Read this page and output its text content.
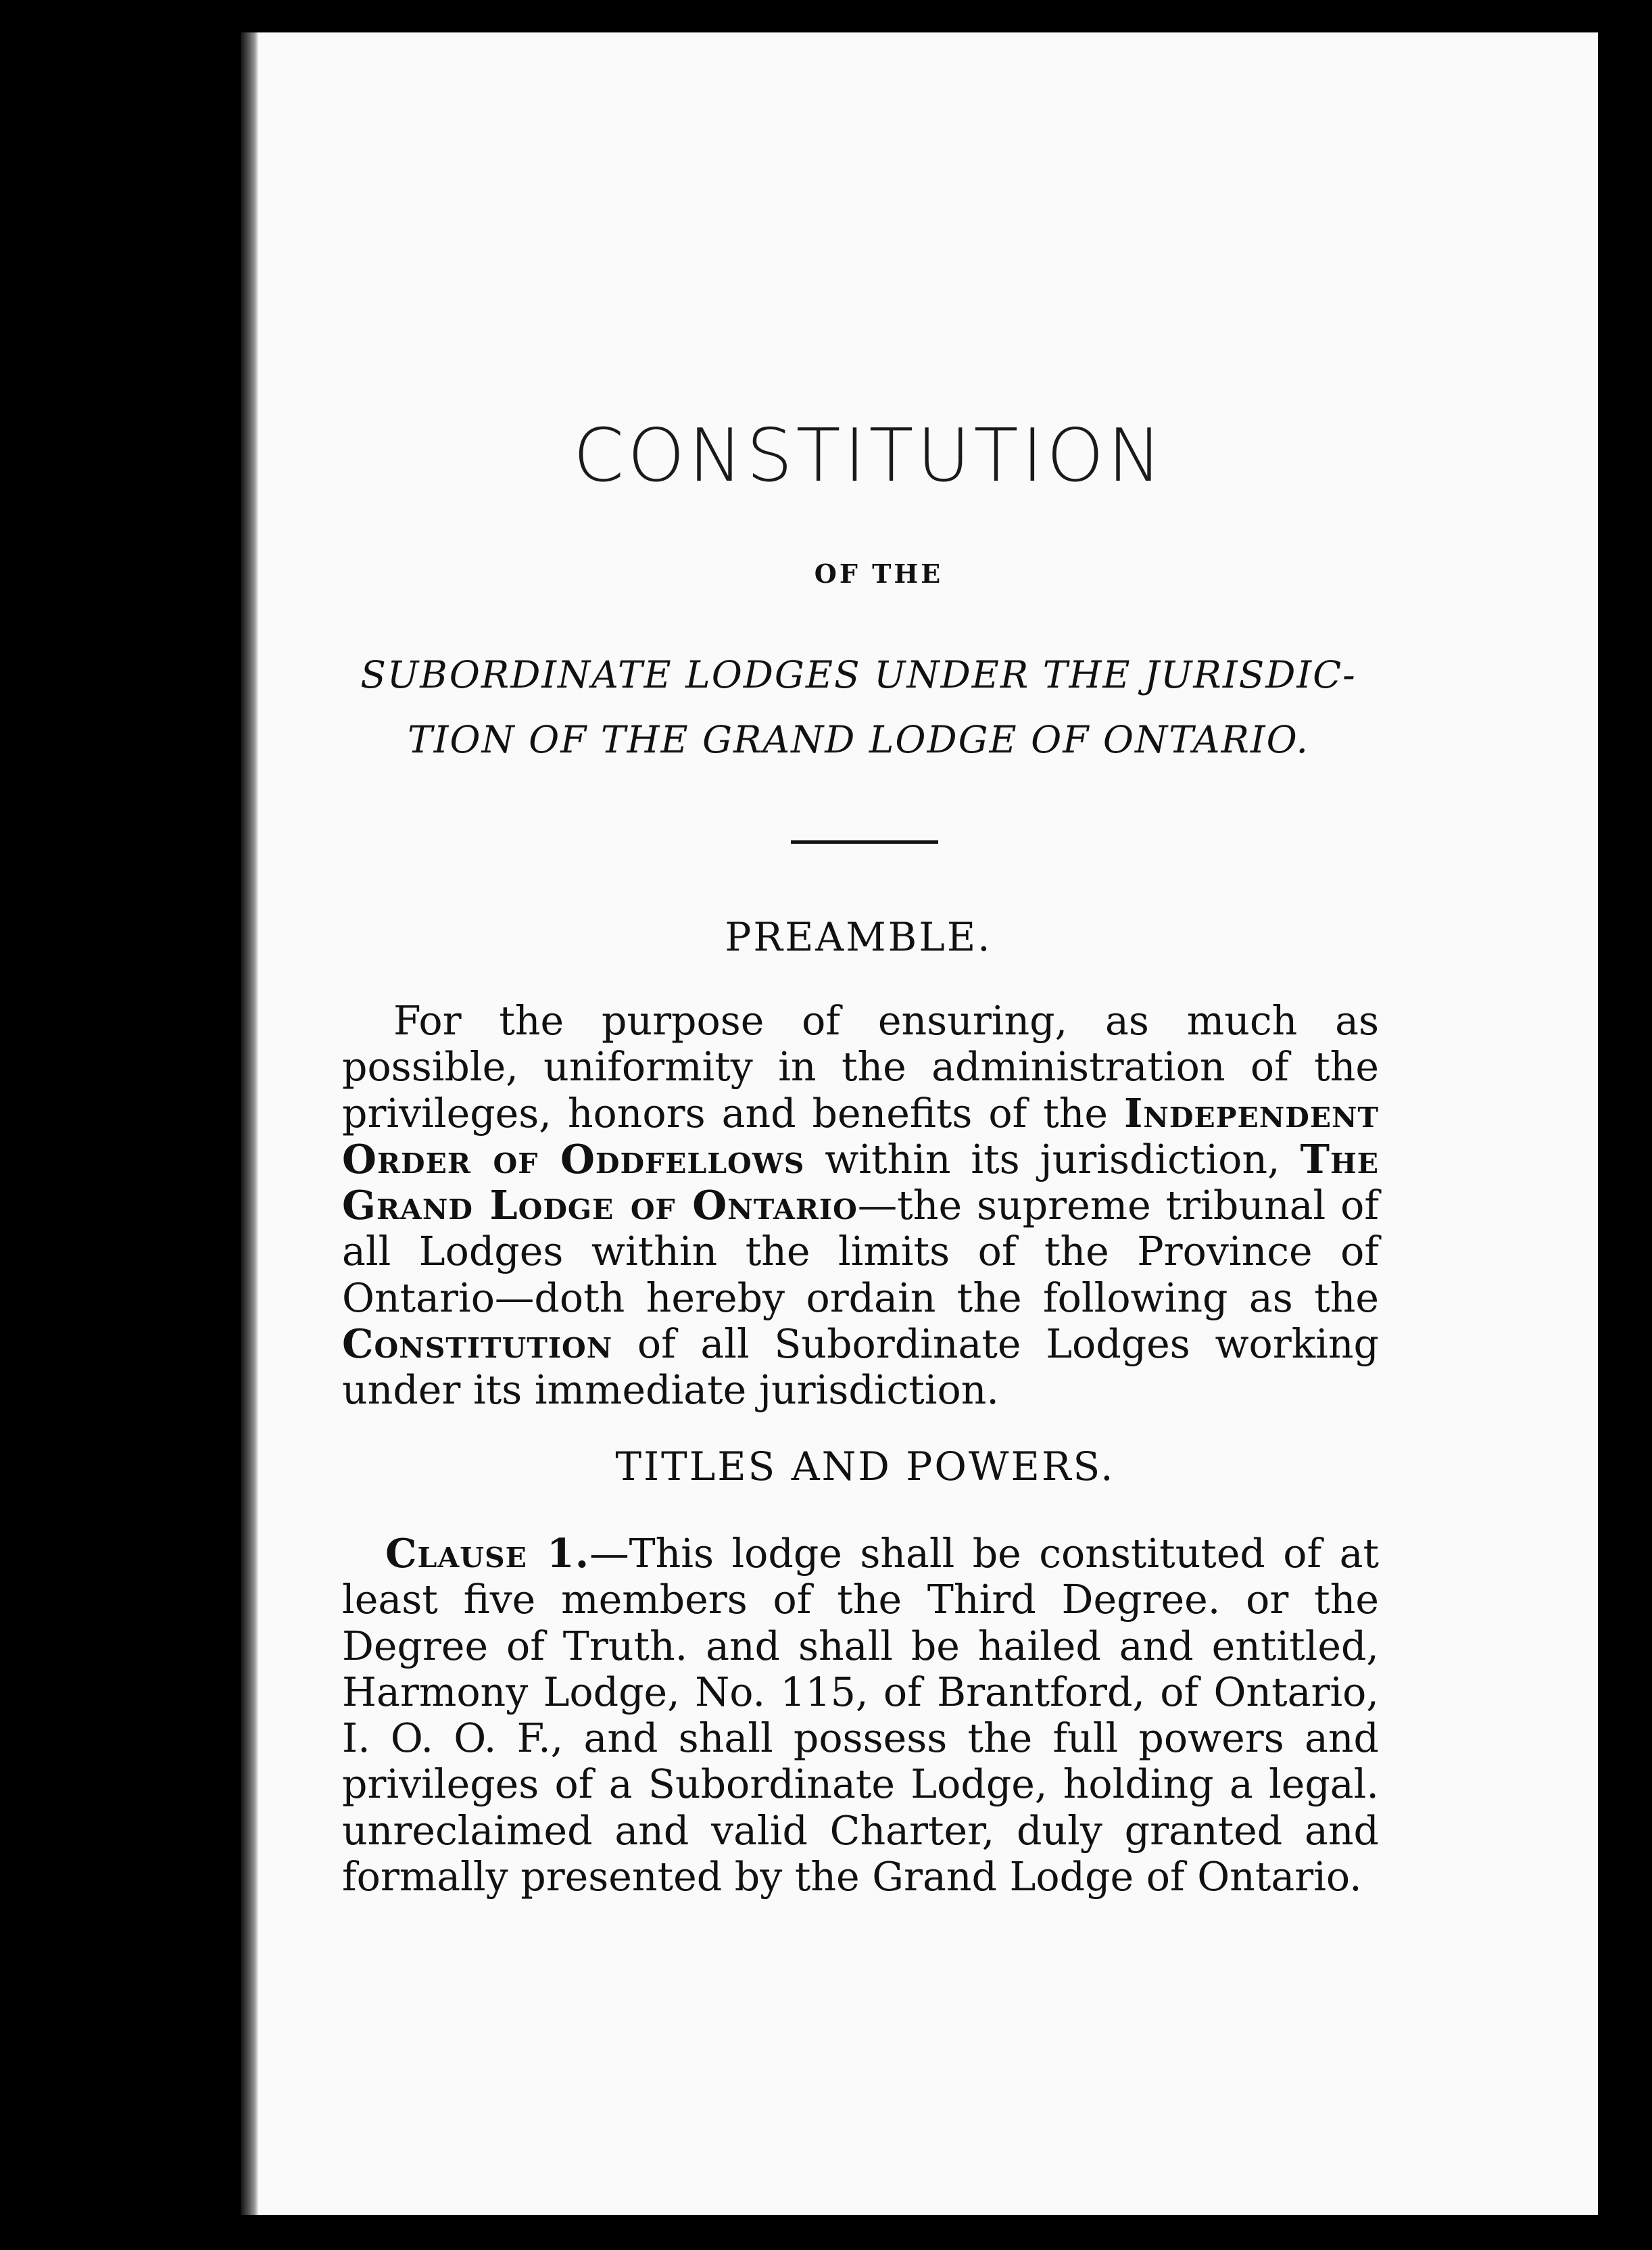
CONSTITUTION
OF THE
SUBORDINATE LODGES UNDER THE JURISDIC-
TION OF THE GRAND LODGE OF ONTARIO.
PREAMBLE.

For the purpose of ensuring, as much as possible, uniformity in the administration of the privileges, honors and benefits of the Independent Order of Oddfellows within its jurisdiction, The Grand Lodge of Ontario—the supreme tribunal of all Lodges within the limits of the Province of Ontario—doth hereby ordain the following as the Constitution of all Subordinate Lodges working under its immediate jurisdiction.

TITLES AND POWERS.

Clause 1.—This lodge shall be constituted of at least five members of the Third Degree. or the Degree of Truth. and shall be hailed and entitled, Harmony Lodge, No. 115, of Brantford, of Ontario, I. O. O. F., and shall possess the full powers and privileges of a Subordinate Lodge, holding a legal. unreclaimed and valid Charter, duly granted and formally presented by the Grand Lodge of Ontario.
